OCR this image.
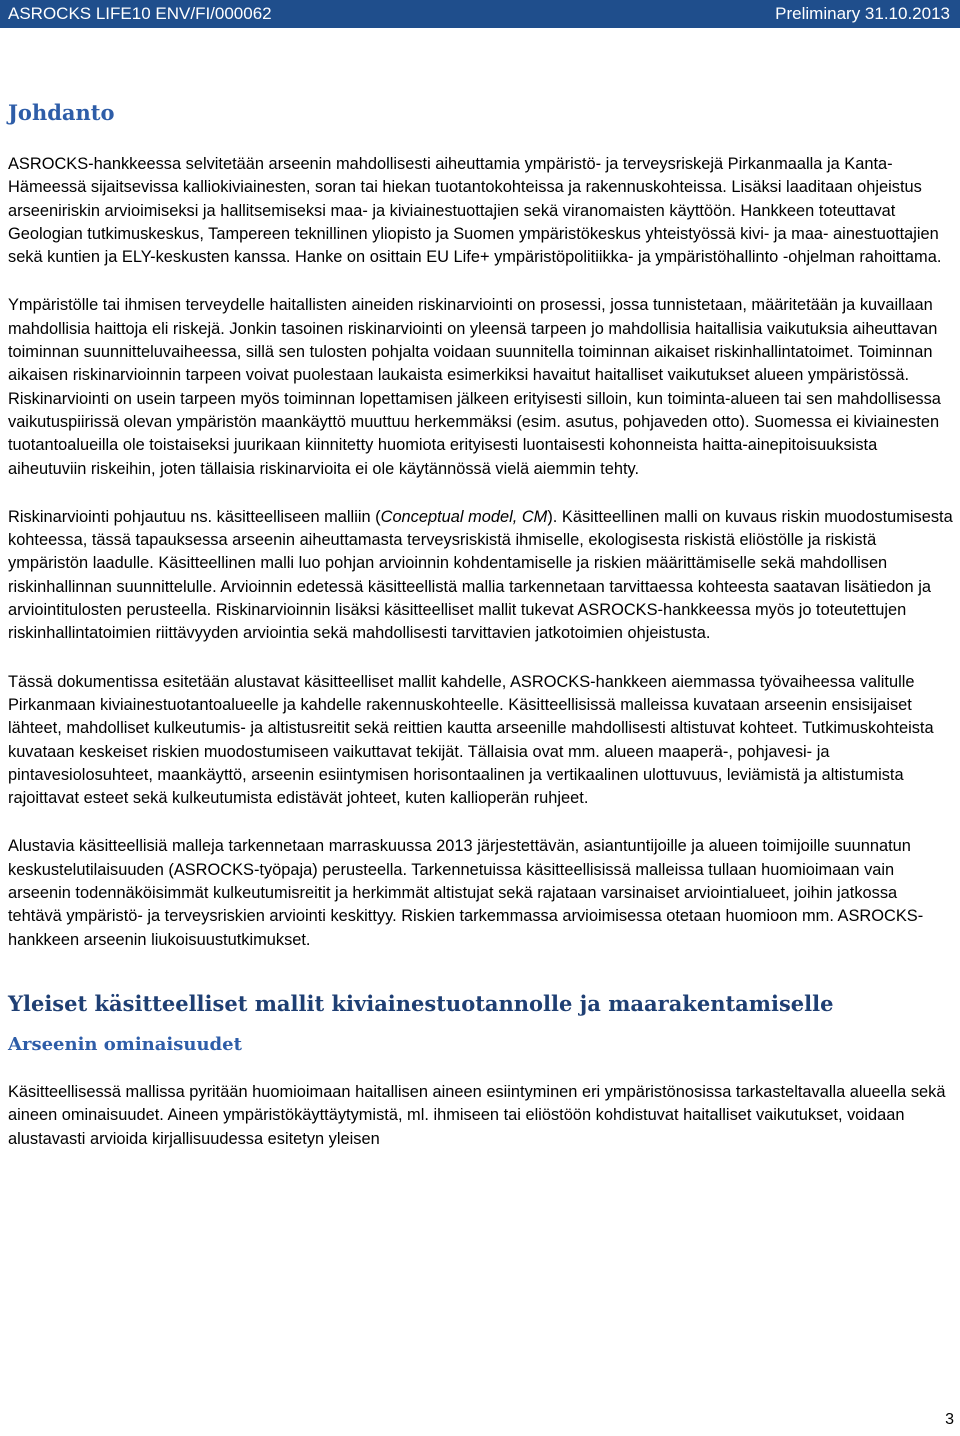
ASROCKS LIFE10 ENV/FI/000062	Preliminary 31.10.2013
Johdanto

ASROCKS-hankkeessa selvitetään arseenin mahdollisesti aiheuttamia ympäristö- ja terveysriskejä Pirkanmaalla ja Kanta-Hämeessä sijaitsevissa kalliokiviainesten, soran tai hiekan tuotantokohteissa ja rakennuskohteissa. Lisäksi laaditaan ohjeistus arseeniriskin arvioimiseksi ja hallitsemiseksi maa- ja kiviainestuottajien sekä viranomaisten käyttöön. Hankkeen toteuttavat Geologian tutkimuskeskus, Tampereen teknillinen yliopisto ja Suomen ympäristökeskus yhteistyössä kivi- ja maa- ainestuottajien sekä kuntien ja ELY-keskusten kanssa. Hanke on osittain EU Life+ ympäristöpolitiikka- ja ympäristöhallinto -ohjelman rahoittama.

Ympäristölle tai ihmisen terveydelle haitallisten aineiden riskinarviointi on prosessi, jossa tunnistetaan, määritetään ja kuvaillaan mahdollisia haittoja eli riskejä. Jonkin tasoinen riskinarviointi on yleensä tarpeen jo mahdollisia haitallisia vaikutuksia aiheuttavan toiminnan suunnitteluvaiheessa, sillä sen tulosten pohjalta voidaan suunnitella toiminnan aikaiset riskinhallintatoimet. Toiminnan aikaisen riskinarvioinnin tarpeen voivat puolestaan laukaista esimerkiksi havaitut haitalliset vaikutukset alueen ympäristössä. Riskinarviointi on usein tarpeen myös toiminnan lopettamisen jälkeen erityisesti silloin, kun toiminta-alueen tai sen mahdollisessa vaikutuspiirissä olevan ympäristön maankäyttö muuttuu herkemmäksi (esim. asutus, pohjaveden otto). Suomessa ei kiviainesten tuotantoalueilla ole toistaiseksi juurikaan kiinnitetty huomiota erityisesti luontaisesti kohonneista haitta-ainepitoisuuksista aiheutuviin riskeihin, joten tällaisia riskinarvioita ei ole käytännössä vielä aiemmin tehty.

Riskinarviointi pohjautuu ns. käsitteelliseen malliin (Conceptual model, CM). Käsitteellinen malli on kuvaus riskin muodostumisesta kohteessa, tässä tapauksessa arseenin aiheuttamasta terveysriskistä ihmiselle, ekologisesta riskistä eliöstölle ja riskistä ympäristön laadulle. Käsitteellinen malli luo pohjan arvioinnin kohdentamiselle ja riskien määrittämiselle sekä mahdollisen riskinhallinnan suunnittelulle. Arvioinnin edetessä käsitteellistä mallia tarkennetaan tarvittaessa kohteesta saatavan lisätiedon ja arviointitulosten perusteella. Riskinarvioinnin lisäksi käsitteelliset mallit tukevat ASROCKS-hankkeessa myös jo toteutettujen riskinhallintatoimien riittävyyden arviointia sekä mahdollisesti tarvittavien jatkotoimien ohjeistusta.

Tässä dokumentissa esitetään alustavat käsitteelliset mallit kahdelle, ASROCKS-hankkeen aiemmassa työvaiheessa valitulle Pirkanmaan kiviainestuotantoalueelle ja kahdelle rakennuskohteelle. Käsitteellisissä malleissa kuvataan arseenin ensisijaiset lähteet, mahdolliset kulkeutumis- ja altistusreitit sekä reittien kautta arseenille mahdollisesti altistuvat kohteet. Tutkimuskohteista kuvataan keskeiset riskien muodostumiseen vaikuttavat tekijät. Tällaisia ovat mm. alueen maaperä-, pohjavesi- ja pintavesiolosuhteet, maankäyttö, arseenin esiintymisen horisontaalinen ja vertikaalinen ulottuvuus, leviämistä ja altistumista rajoittavat esteet sekä kulkeutumista edistävät johteet, kuten kallioperän ruhjeet.

Alustavia käsitteellisiä malleja tarkennetaan marraskuussa 2013 järjestettävän, asiantuntijoille ja alueen toimijoille suunnatun keskustelutilaisuuden (ASROCKS-työpaja) perusteella. Tarkennetuissa käsitteellisissä malleissa tullaan huomioimaan vain arseenin todennäköisimmät kulkeutumisreitit ja herkimmät altistujat sekä rajataan varsinaiset arviointialueet, joihin jatkossa tehtävä ympäristö- ja terveysriskien arviointi keskittyy. Riskien tarkemmassa arvioimisessa otetaan huomioon mm. ASROCKS-hankkeen arseenin liukoisuustutkimukset.

Yleiset käsitteelliset mallit kiviainestuotannolle ja maarakentamiselle
Arseenin ominaisuudet

Käsitteellisessä mallissa pyritään huomioimaan haitallisen aineen esiintyminen eri ympäristönosissa tarkasteltavalla alueella sekä aineen ominaisuudet. Aineen ympäristökäyttäytymistä, ml. ihmiseen tai eliöstöön kohdistuvat haitalliset vaikutukset, voidaan alustavasti arvioida kirjallisuudessa esitetyn yleisen

3
